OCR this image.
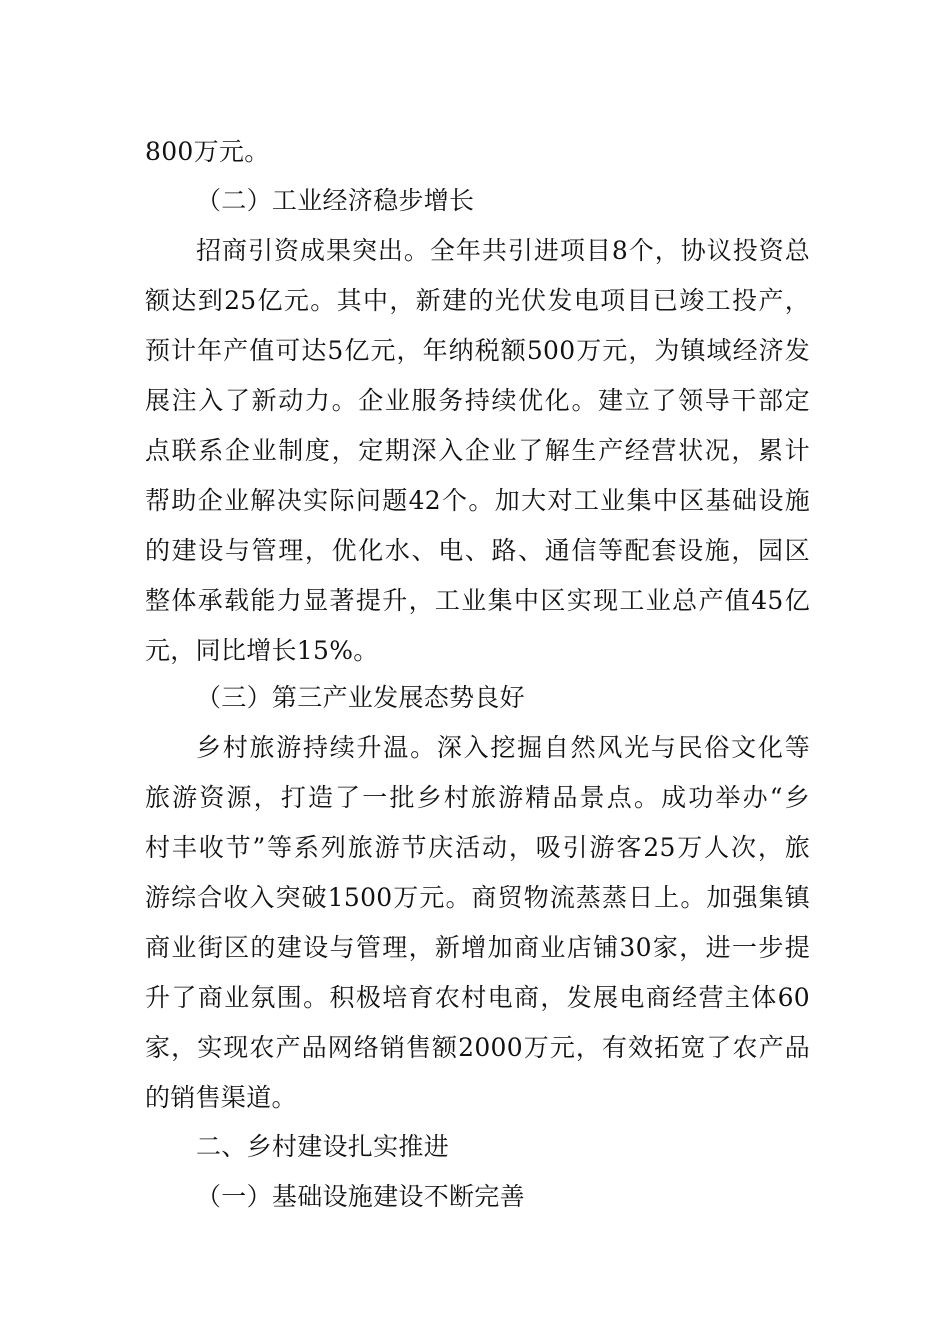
800万元。
（二）工业经济稳步增长
招商引资成果突出。全年共引进项目8个，协议投资总
额达到25亿元。其中，新建的光伏发电项目已竣工投产，
预计年产值可达5亿元，年纳税额500万元，为镇域经济发
展注入了新动力。企业服务持续优化。建立了领导干部定
点联系企业制度，定期深入企业了解生产经营状况，累计
帮助企业解决实际问题42个。加大对工业集中区基础设施
的建设与管理，优化水、电、路、通信等配套设施，园区
整体承载能力显著提升，工业集中区实现工业总产值45亿
元，同比增长15%。
（三）第三产业发展态势良好
乡村旅游持续升温。深入挖掘自然风光与民俗文化等
旅游资源，打造了一批乡村旅游精品景点。成功举办“乡
村丰收节”等系列旅游节庆活动，吸引游客25万人次，旅
游综合收入突破1500万元。商贸物流蒸蒸日上。加强集镇
商业街区的建设与管理，新增加商业店铺30家，进一步提
升了商业氛围。积极培育农村电商，发展电商经营主体60
家，实现农产品网络销售额2000万元，有效拓宽了农产品
的销售渠道。
二、乡村建设扎实推进
（一）基础设施建设不断完善
